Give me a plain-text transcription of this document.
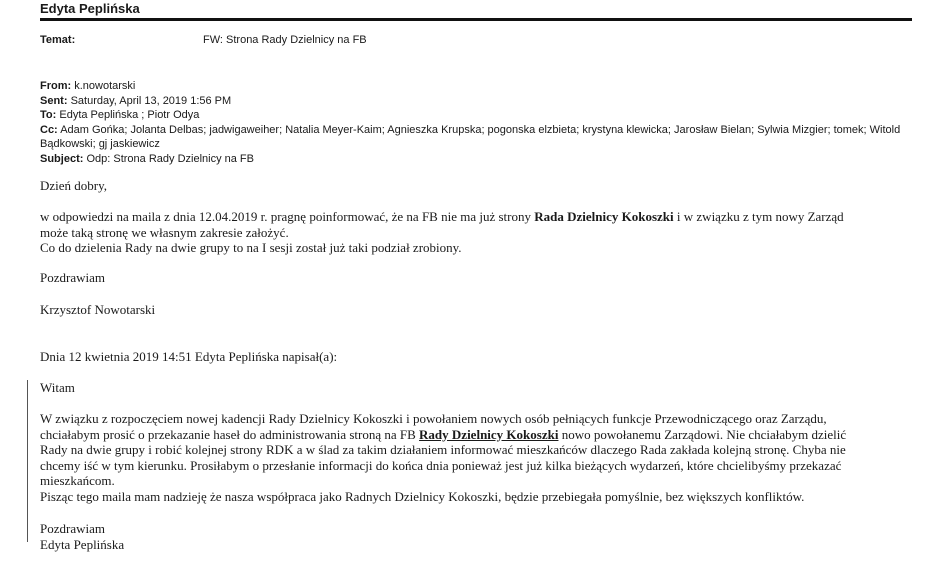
Edyta Peplińska
Temat:	FW: Strona Rady Dzielnicy na FB
From: k.nowotarski
Sent: Saturday, April 13, 2019 1:56 PM
To: Edyta Peplińska ; Piotr Odya
Cc: Adam Gońka; Jolanta Delbas; jadwigaweiher; Natalia Meyer-Kaim; Agnieszka Krupska; pogonska elzbieta; krystyna klewicka; Jarosław Bielan; Sylwia Mizgier; tomek; Witold Bądkowski; gj jaskiewicz
Subject: Odp: Strona Rady Dzielnicy na FB
Dzień dobry,
w odpowiedzi na maila z dnia 12.04.2019 r. pragnę poinformować, że na FB nie ma już strony Rada Dzielnicy Kokoszki i w związku z tym nowy Zarząd
może taką stronę we własnym zakresie założyć.
Co do dzielenia Rady na dwie grupy to na I sesji został już taki podział zrobiony.
Pozdrawiam
Krzysztof Nowotarski
Dnia 12 kwietnia 2019 14:51 Edyta Peplińska napisał(a):
Witam
W związku z rozpoczęciem nowej kadencji Rady Dzielnicy Kokoszki i powołaniem nowych osób pełniących funkcje Przewodniczącego oraz Zarządu,
chciałabym prosić o przekazanie haseł do administrowania stroną na FB Rady Dzielnicy Kokoszki nowo powołanemu Zarządowi. Nie chciałabym dzielić
Rady na dwie grupy i robić kolejnej strony RDK a w ślad za takim działaniem informować mieszkańców dlaczego Rada zakłada kolejną stronę. Chyba nie
chcemy iść w tym kierunku. Prosiłabym o przesłanie informacji do końca dnia ponieważ jest już kilka bieżących wydarzeń, które chcielibyśmy przekazać
mieszkańcom.
Pisząc tego maila mam nadzieję że nasza współpraca jako Radnych Dzielnicy Kokoszki, będzie przebiegała pomyślnie, bez większych konfliktów.
Pozdrawiam
Edyta Peplińska
